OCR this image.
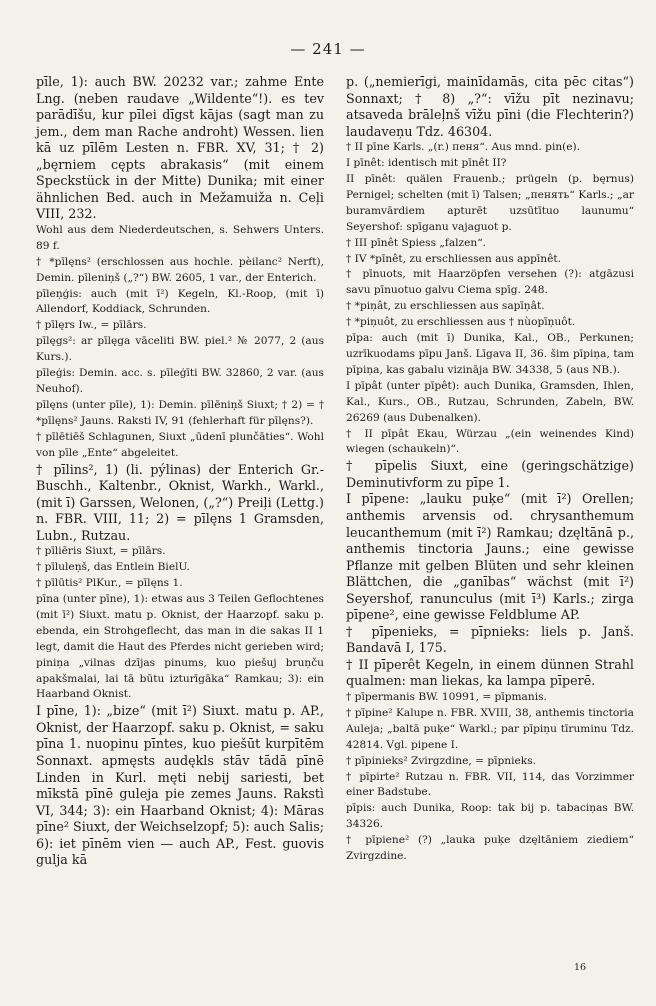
— 241 —

pīle, 1): auch BW. 20232 var.; zahme Ente Lng. (neben raudave „Wildente“!). es tev parādīšu, kur pīlei dīgst kājas (sagt man zu jem., dem man Rache androht) Wessen. lien kā uz pīlēm Lesten n. FBR. XV, 31; † 2) „bęrniem cępts abrakasis“ (mit einem Speckstück in der Mitte) Dunika; mit einer ähnlichen Bed. auch in Mežamuiža n. Ceļi VIII, 232.

Wohl aus dem Niederdeutschen, s. Sehwers Unters. 89 f.

† *pīlęns² (erschlossen aus hochle. pèilanc² Nerft), Demin. pīleniņš („?“) BW. 2605, 1 var., der Enterich.

pīleņģis: auch (mit ī²) Kegeln, Kl.-Roop, (mit ī) Allendorf, Koddiack, Schrunden.

† pīlęrs Iw., = pīlārs.

pīlęgs²: ar pīlęga vāceliti BW. piel.² № 2077, 2 (aus Kurs.).

pīleģis: Demin. acc. s. pīleģīti BW. 32860, 2 var. (aus Neuhof).

pīlęns (unter pīle), 1): Demin. pīlēniņš Siuxt; † 2) = † *pīlęns² Jauns. Raksti IV, 91 (fehlerhaft für pīlęns?).

† pīlētiēš Schlagunen, Siuxt „ūdenī plunčāties“. Wohl von pīle „Ente“ abgeleitet.

† pīlins², 1) (li. pýlinas) der Enterich Gr.-Buschh., Kaltenbr., Oknist, Warkh., Warkl., (mit ī) Garssen, Welonen, („?“) Preiļi (Lettg.) n. FBR. VIII, 11; 2) = pīlęns 1 Gramsden, Lubn., Rutzau.

† pīliēris Siuxt, = pīlārs.

† pīluleņš, das Entlein BielU.

† pīlūtis² PlKur., = pīlęns 1.

pīna (unter pīne), 1): etwas aus 3 Teilen Geflochtenes (mit ī²) Siuxt. matu p. Oknist, der Haarzopf. saku p. ebenda, ein Strohgeflecht, das man in die sakas II 1 legt, damit die Haut des Pferdes nicht gerieben wird; piniņa „vilnas dzījas pinums, kuo piešuj bruņču apakšmalai, lai tā būtu izturīgāka“ Ramkau; 3): ein Haarband Oknist.

I pīne, 1): „bize“ (mit ī²) Siuxt. matu p. AP., Oknist, der Haarzopf. saku p. Oknist, = saku pīna 1. nuopinu pīntes, kuo piešūt kurpītēm Sonnaxt. apmęsts audękls stāv tādā pīnē Linden in Kurl. męti nebij sariesti, bet mīkstā pīnē guleja pie zemes Jauns. Rakstì VI, 344; 3): ein Haarband Oknist; 4): Māras pīne² Siuxt, der Weichselzopf; 5): auch Salis; 6): iet pīnēm vien — auch AP., Fest. guovis gulja kā

p. („nemierīgi, mainīdamās, cita pēc citas“) Sonnaxt; † 8) „?“: vīžu pīt nezinavu; atsaveda brāleļnš vīžu pīni (die Flechterin?) laudaveņu Tdz. 46304.

† II pīne Karls. „(r.) пеня“. Aus mnd. pin(e).

I pīnêt: identisch mit pīnêt II?

II pīnêt: quälen Frauenb.; prügeln (p. bęrnus) Pernigel; schelten (mit ī) Talsen; „пенять“ Karls.; „ar buramvārdiem apturēt uzsūtītuo launumu“ Seyershof: spīganu vajaguot p.

† III pīnêt Spiess „falzen“.

† IV *pīnêt, zu erschliessen aus appīnêt.

† pīnuots, mit Haarzöpfen versehen (?): atgāzusi savu pīnuotuo galvu Ciema spīg. 248.

† *piņât, zu erschliessen aus sapīņât.

† *piņuôt, zu erschliessen aus † nùopīņuôt.

pīpa: auch (mit ī) Dunika, Kal., OB., Perkunen; uzrīkuodams pīpu Janš. Līgava II, 36. šim pīpiņa, tam pīpiņa, kas gabalu vizināja BW. 34338, 5 (aus NB.).

I pīpât (unter pīpêt): auch Dunika, Gramsden, Ihlen, Kal., Kurs., OB., Rutzau, Schrunden, Zabeln, BW. 26269 (aus Dubenalken).

† II pīpât Ekau, Würzau „(ein weinendes Kind) wiegen (schaukeln)“.

† pīpelis Siuxt, eine (geringschätzige) Deminutivform zu pīpe 1.

I pīpene: „lauku puķe“ (mit ī²) Orellen; anthemis arvensis od. chrysanthemum leucanthemum (mit ī²) Ramkau; dzęltānā p., anthemis tinctoria Jauns.; eine gewisse Pflanze mit gelben Blüten und sehr kleinen Blättchen, die „ganības“ wächst (mit ī²) Seyershof, ranunculus (mit ī³) Karls.; zirga pīpene², eine gewisse Feldblume AP.

† pīpenieks, = pīpnieks: liels p. Janš. Bandavā I, 175.

† II pīperêt Kegeln, in einem dünnen Strahl qualmen: man liekas, ka lampa pīperē.

† pīpermanis BW. 10991, = pīpmanis.

† pīpine² Kalupe n. FBR. XVIII, 38, anthemis tinctoria Auleja; „baltā puķe“ Warkl.; par pīpiņu tīruminu Tdz. 42814. Vgl. pipene I.

† pīpinieks² Zvirgzdine, = pīpnieks.

† pīpirte² Rutzau n. FBR. VII, 114, das Vorzimmer einer Badstube.

pīpis: auch Dunika, Roop: tak bij p. tabaciņas BW. 34326.

† pīpiene² (?) „lauka puķe dzęltāniem ziediem“ Zvirgzdine.

16
